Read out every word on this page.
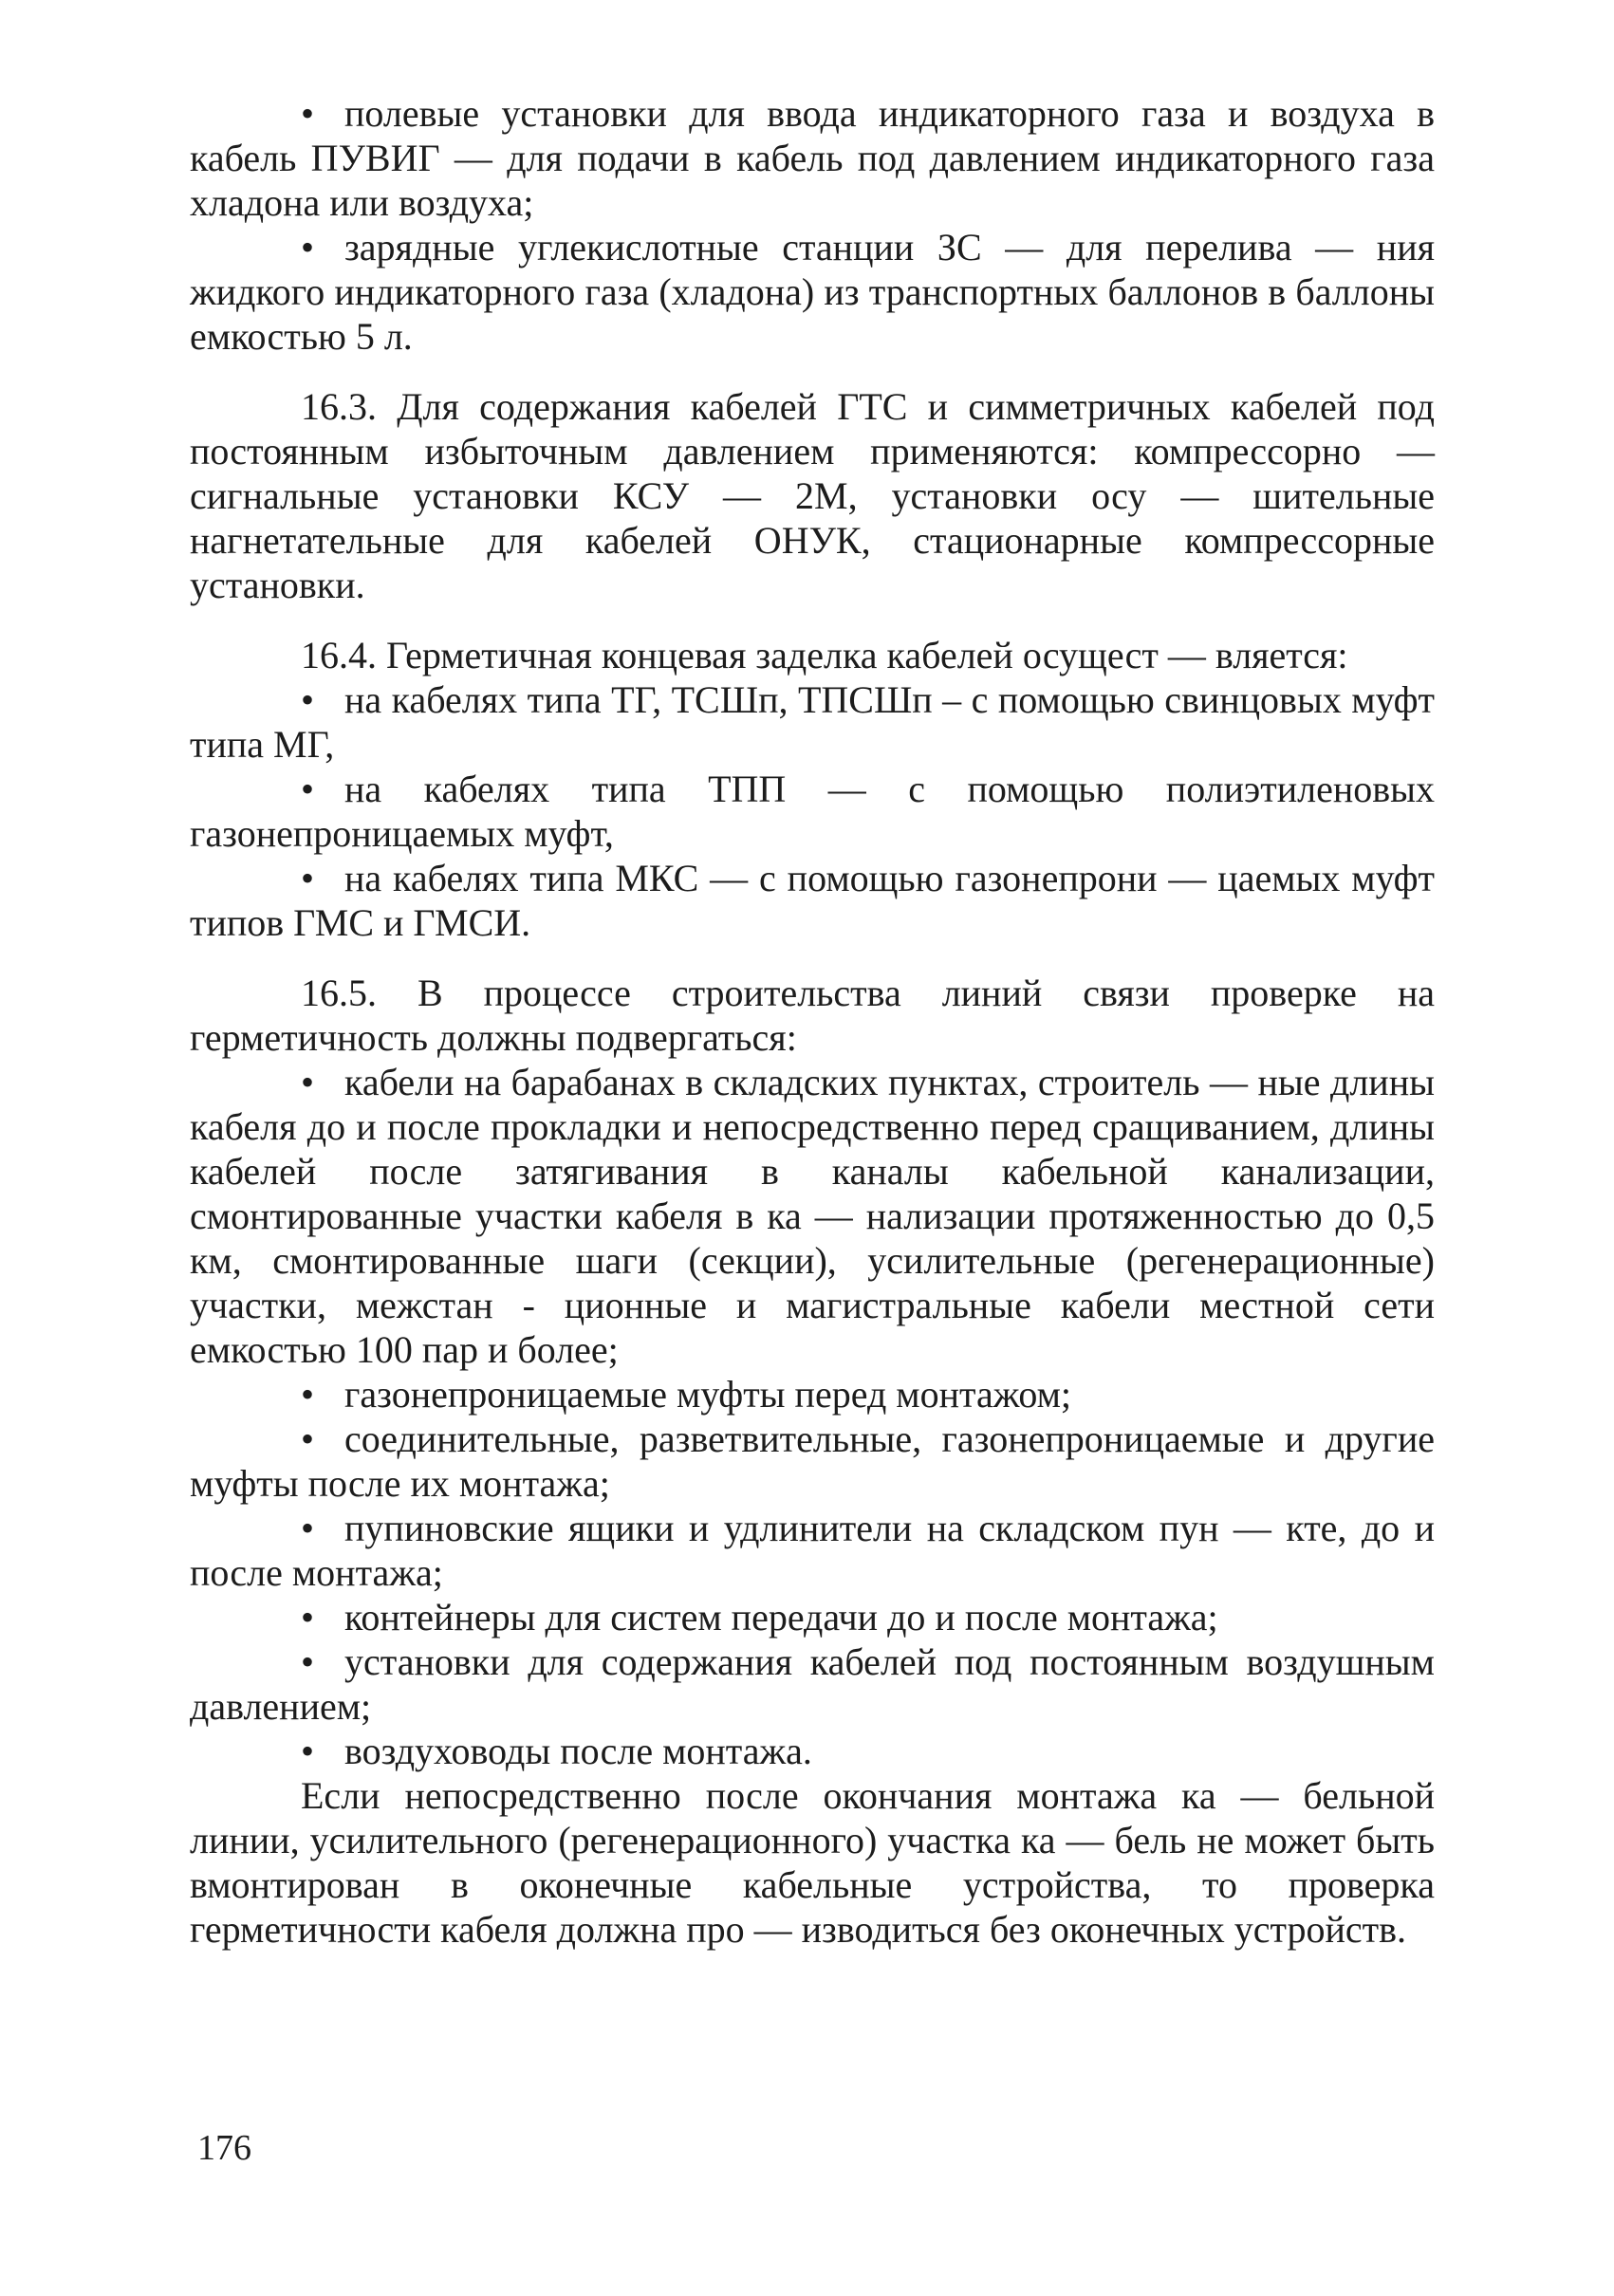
• полевые установки для ввода индикаторного газа и воздуха в кабель ПУВИГ — для подачи в кабель под давлением индикаторного газа хладона или воздуха;

• зарядные углекислотные станции ЗС — для перелива — ния жидкого индикаторного газа (хладона) из транспортных баллонов в баллоны емкостью 5 л.

16.3. Для содержания кабелей ГТС и симметричных кабелей под постоянным избыточным давлением применяются: компрессорно — сигнальные установки КСУ — 2М, установки осу — шительные нагнетательные для кабелей ОНУК, стационарные компрессорные установки.

16.4. Герметичная концевая заделка кабелей осущест — вляется:

• на кабелях типа ТГ, ТСШп, ТПСШп – с помощью свинцовых муфт типа МГ,

• на кабелях типа ТПП — с помощью полиэтиленовых газонепроницаемых муфт,

• на кабелях типа МКС — с помощью газонепрони — цаемых муфт типов ГМС и ГМСИ.

16.5. В процессе строительства линий связи проверке на герметичность должны подвергаться:

• кабели на барабанах в складских пунктах, строитель — ные длины кабеля до и после прокладки и непосредственно перед сращиванием, длины кабелей после затягивания в каналы кабельной канализации, смонтированные участки кабеля в ка — нализации протяженностью до 0,5 км, смонтированные шаги (секции), усилительные (регенерационные) участки, межстан - ционные и магистральные кабели местной сети емкостью 100 пар и более;

• газонепроницаемые муфты перед монтажом;

• соединительные, разветвительные, газонепроницаемые и другие муфты после их монтажа;

• пупиновские ящики и удлинители на складском пун — кте, до и после монтажа;

• контейнеры для систем передачи до и после монтажа;

• установки для содержания кабелей под постоянным воздушным давлением;

• воздуховоды после монтажа.

Если непосредственно после окончания монтажа ка — бельной линии, усилительного (регенерационного) участка ка — бель не может быть вмонтирован в оконечные кабельные устройства, то проверка герметичности кабеля должна про — изводиться без оконечных устройств.

176
